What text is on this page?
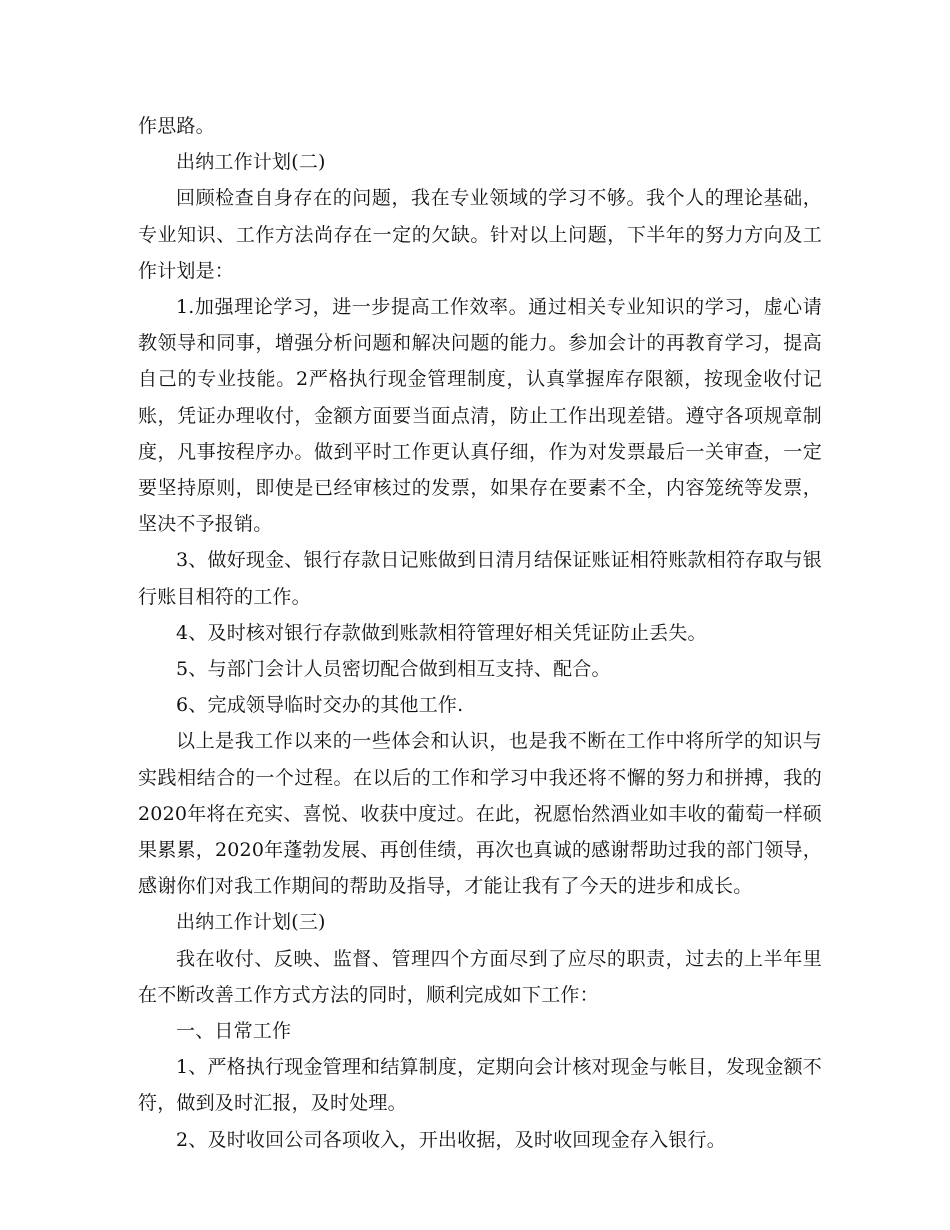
作思路。

出纳工作计划(二)

回顾检查自身存在的问题，我在专业领域的学习不够。我个人的理论基础，专业知识、工作方法尚存在一定的欠缺。针对以上问题，下半年的努力方向及工作计划是：

1.加强理论学习，进一步提高工作效率。通过相关专业知识的学习，虚心请教领导和同事，增强分析问题和解决问题的能力。参加会计的再教育学习，提高自己的专业技能。2严格执行现金管理制度，认真掌握库存限额，按现金收付记账，凭证办理收付，金额方面要当面点清，防止工作出现差错。遵守各项规章制度，凡事按程序办。做到平时工作更认真仔细，作为对发票最后一关审查，一定要坚持原则，即使是已经审核过的发票，如果存在要素不全，内容笼统等发票，坚决不予报销。

3、做好现金、银行存款日记账做到日清月结保证账证相符账款相符存取与银行账目相符的工作。

4、及时核对银行存款做到账款相符管理好相关凭证防止丢失。

5、与部门会计人员密切配合做到相互支持、配合。

6、完成领导临时交办的其他工作.

以上是我工作以来的一些体会和认识，也是我不断在工作中将所学的知识与实践相结合的一个过程。在以后的工作和学习中我还将不懈的努力和拼搏，我的2020年将在充实、喜悦、收获中度过。在此，祝愿怡然酒业如丰收的葡萄一样硕果累累，2020年蓬勃发展、再创佳绩，再次也真诚的感谢帮助过我的部门领导，感谢你们对我工作期间的帮助及指导，才能让我有了今天的进步和成长。

出纳工作计划(三)

我在收付、反映、监督、管理四个方面尽到了应尽的职责，过去的上半年里在不断改善工作方式方法的同时，顺利完成如下工作：

一、日常工作

1、严格执行现金管理和结算制度，定期向会计核对现金与帐目，发现金额不符，做到及时汇报，及时处理。

2、及时收回公司各项收入，开出收据，及时收回现金存入银行。
